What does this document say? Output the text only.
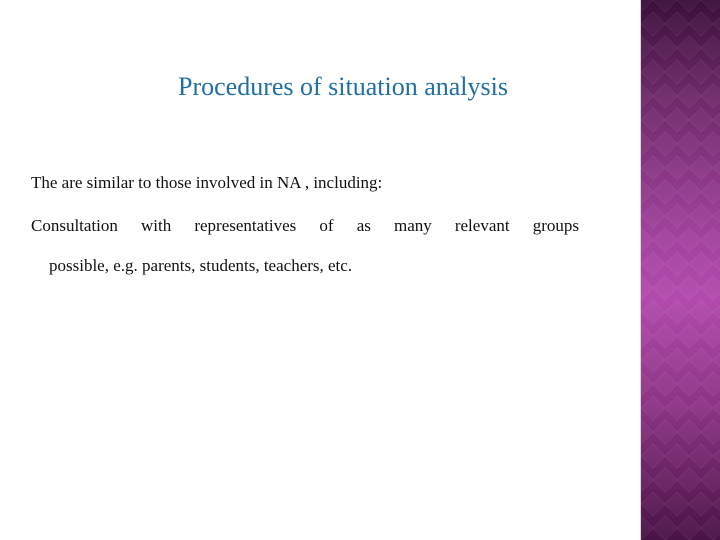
Procedures of situation analysis
The are similar to those involved in NA , including:
Consultation with representatives of as many relevant groups
possible, e.g. parents, students, teachers, etc.
